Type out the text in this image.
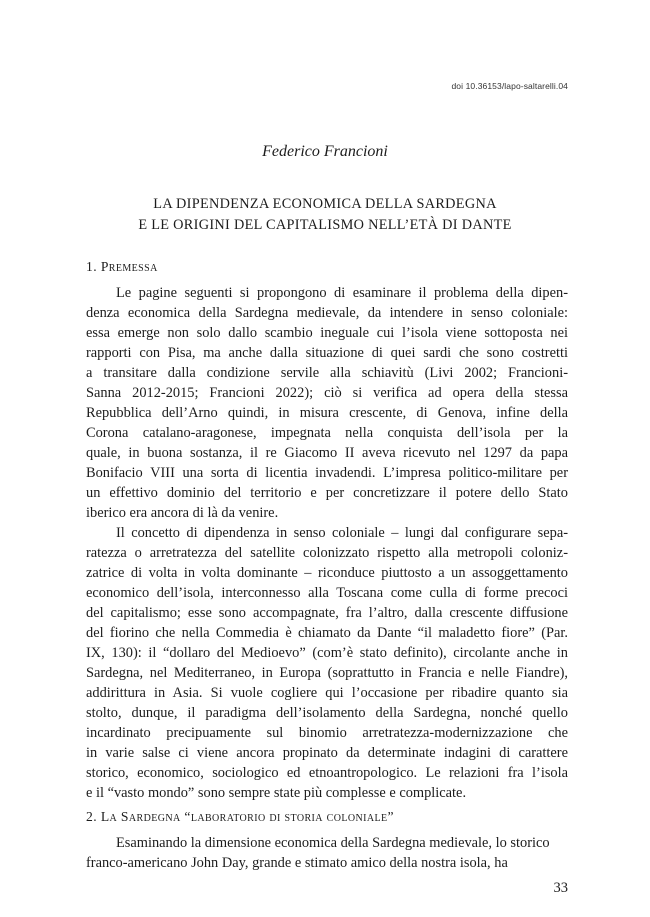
doi 10.36153/lapo-saltarelli.04
Federico Francioni
LA DIPENDENZA ECONOMICA DELLA SARDEGNA
E LE ORIGINI DEL CAPITALISMO NELL’ETÀ DI DANTE
1. Premessa
Le pagine seguenti si propongono di esaminare il problema della dipen-
denza economica della Sardegna medievale, da intendere in senso coloniale:
essa emerge non solo dallo scambio ineguale cui l’isola viene sottoposta nei
rapporti con Pisa, ma anche dalla situazione di quei sardi che sono costretti
a transitare dalla condizione servile alla schiavitù (Livi 2002; Francioni-
Sanna 2012-2015; Francioni 2022); ciò si verifica ad opera della stessa
Repubblica dell’Arno quindi, in misura crescente, di Genova, infine della
Corona catalano-aragonese, impegnata nella conquista dell’isola per la
quale, in buona sostanza, il re Giacomo II aveva ricevuto nel 1297 da papa
Bonifacio VIII una sorta di licentia invadendi. L’impresa politico-militare per
un effettivo dominio del territorio e per concretizzare il potere dello Stato
iberico era ancora di là da venire.
Il concetto di dipendenza in senso coloniale – lungi dal configurare sepa-
ratezza o arretratezza del satellite colonizzato rispetto alla metropoli coloniz-
zatrice di volta in volta dominante – riconduce piuttosto a un assoggettamento
economico dell’isola, interconnesso alla Toscana come culla di forme precoci
del capitalismo; esse sono accompagnate, fra l’altro, dalla crescente diffusione
del fiorino che nella Commedia è chiamato da Dante “il maladetto fiore” (Par.
IX, 130): il “dollaro del Medioevo” (com’è stato definito), circolante anche in
Sardegna, nel Mediterraneo, in Europa (soprattutto in Francia e nelle Fiandre),
addirittura in Asia. Si vuole cogliere qui l’occasione per ribadire quanto sia
stolto, dunque, il paradigma dell’isolamento della Sardegna, nonché quello
incardinato precipuamente sul binomio arretratezza-modernizzazione che
in varie salse ci viene ancora propinato da determinate indagini di carattere
storico, economico, sociologico ed etnoantropologico. Le relazioni fra l’isola
e il “vasto mondo” sono sempre state più complesse e complicate.
2. La Sardegna “laboratorio di storia coloniale”
Esaminando la dimensione economica della Sardegna medievale, lo storico
franco-americano John Day, grande e stimato amico della nostra isola, ha
33
